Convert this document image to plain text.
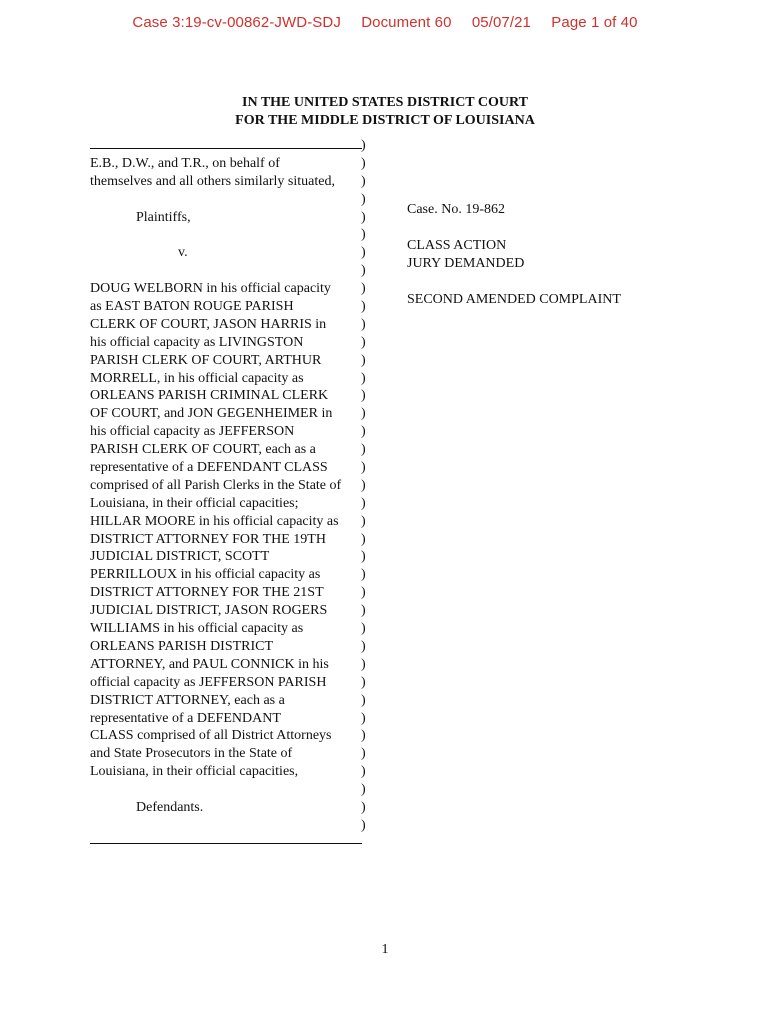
Case 3:19-cv-00862-JWD-SDJ Document 60 05/07/21 Page 1 of 40
IN THE UNITED STATES DISTRICT COURT
FOR THE MIDDLE DISTRICT OF LOUISIANA
E.B., D.W., and T.R., on behalf of
themselves and all others similarly situated,
Plaintiffs,
v.
DOUG WELBORN in his official capacity
as EAST BATON ROUGE PARISH
CLERK OF COURT, JASON HARRIS in
his official capacity as LIVINGSTON
PARISH CLERK OF COURT, ARTHUR
MORRELL, in his official capacity as
ORLEANS PARISH CRIMINAL CLERK
OF COURT, and JON GEGENHEIMER in
his official capacity as JEFFERSON
PARISH CLERK OF COURT, each as a
representative of a DEFENDANT CLASS
comprised of all Parish Clerks in the State of
Louisiana, in their official capacities;
HILLAR MOORE in his official capacity as
DISTRICT ATTORNEY FOR THE 19TH
JUDICIAL DISTRICT, SCOTT
PERRILLOUX in his official capacity as
DISTRICT ATTORNEY FOR THE 21ST
JUDICIAL DISTRICT, JASON ROGERS
WILLIAMS in his official capacity as
ORLEANS PARISH DISTRICT
ATTORNEY, and PAUL CONNICK in his
official capacity as JEFFERSON PARISH
DISTRICT ATTORNEY, each as a
representative of a DEFENDANT
CLASS comprised of all District Attorneys
and State Prosecutors in the State of
Louisiana, in their official capacities,
Defendants.
)
)
)
)
)
)
)
)
)
)
)
)
)
)
)
)
)
)
)
)
)
)
)
)
)
)
)
)
)
)
)
)
)
)
)
)
)
)
)
Case. No. 19-862
CLASS ACTION
JURY DEMANDED
SECOND AMENDED COMPLAINT
1
